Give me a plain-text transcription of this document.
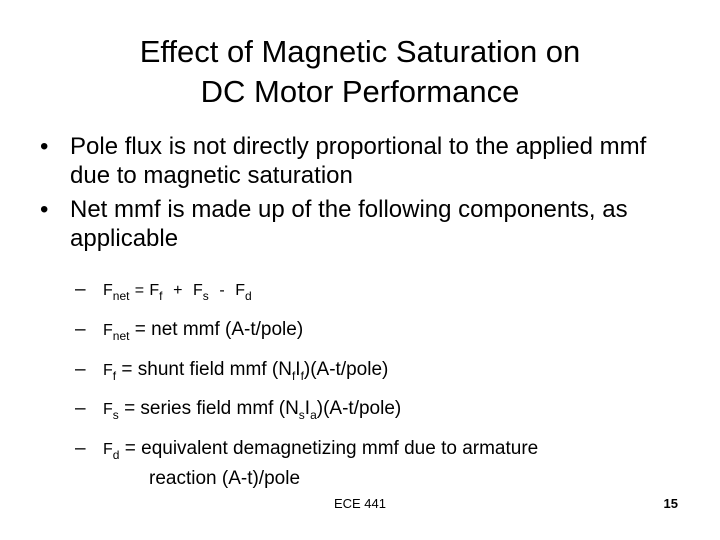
Effect of Magnetic Saturation on
DC Motor Performance
• Pole flux is not directly proportional to the applied mmf due to magnetic saturation
• Net mmf is made up of the following components, as applicable
– $F_{net} = F_f + F_s - F_d$
– $F_{net}$ = net mmf (A-t/pole)
– $F_f$ = shunt field mmf $(N_fI_f)(A-t/pole)$
– $F_s$ = series field mmf $(N_sI_a)(A-t/pole)$
– $F_d$ = equivalent demagnetizing mmf due to armature
reaction (A-t)/pole
ECE 441	15
